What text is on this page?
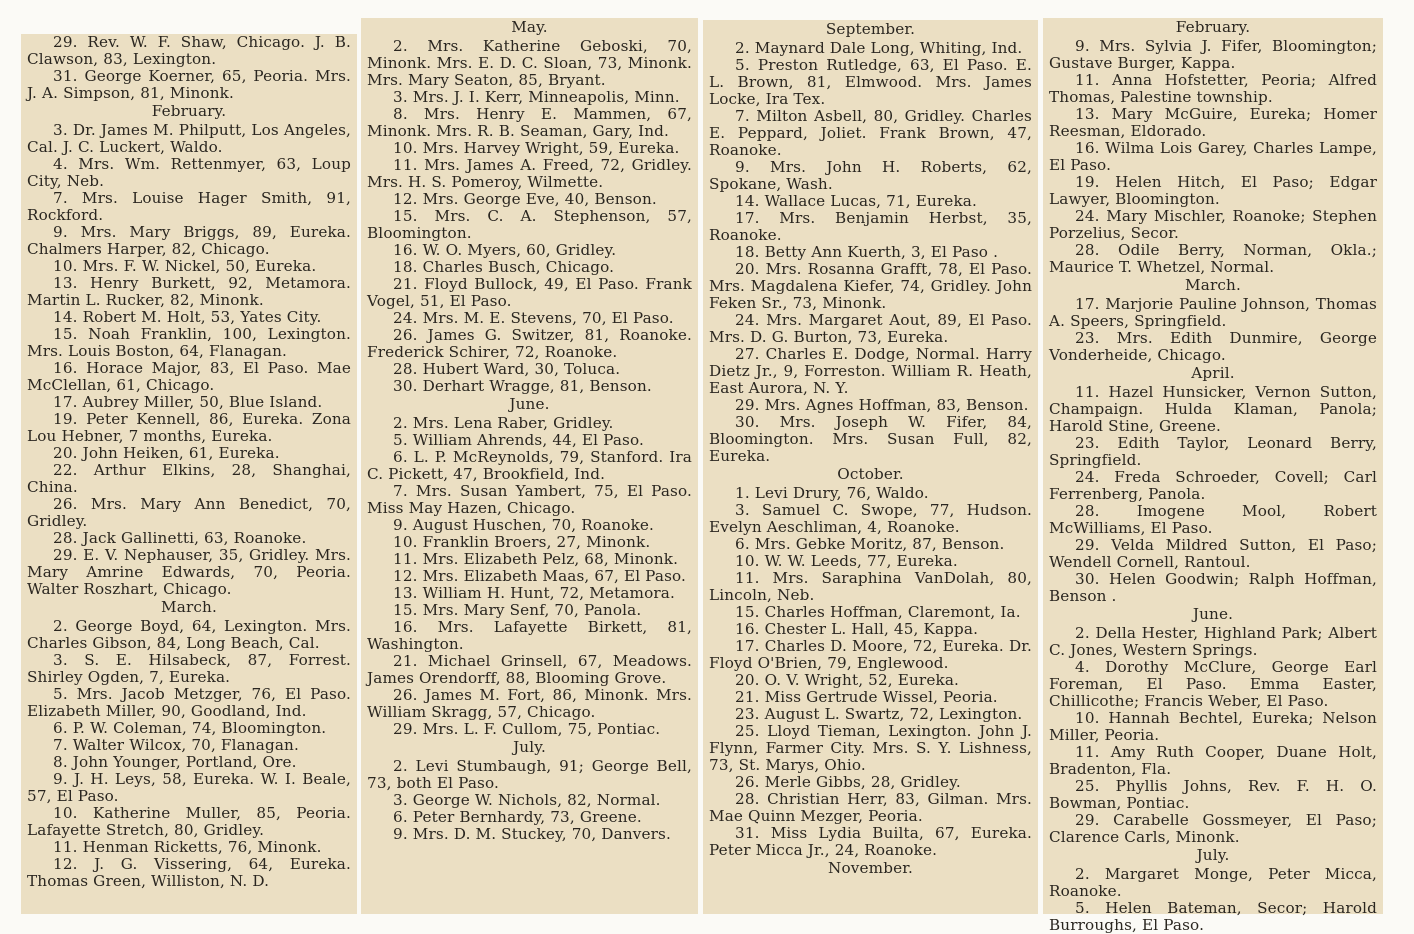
29. Rev. W. F. Shaw, Chicago. J. B. Clawson, 83, Lexington.

31. George Koerner, 65, Peoria. Mrs. J. A. Simpson, 81, Minonk.

February.

3. Dr. James M. Philputt, Los Angeles, Cal. J. C. Luckert, Waldo.

4. Mrs. Wm. Rettenmyer, 63, Loup City, Neb.

7. Mrs. Louise Hager Smith, 91, Rockford.

9. Mrs. Mary Briggs, 89, Eureka. Chalmers Harper, 82, Chicago.

10. Mrs. F. W. Nickel, 50, Eureka.

13. Henry Burkett, 92, Metamora. Martin L. Rucker, 82, Minonk.

14. Robert M. Holt, 53, Yates City.

15. Noah Franklin, 100, Lexington. Mrs. Louis Boston, 64, Flanagan.

16. Horace Major, 83, El Paso. Mae McClellan, 61, Chicago.

17. Aubrey Miller, 50, Blue Island.

19. Peter Kennell, 86, Eureka. Zona Lou Hebner, 7 months, Eureka.

20. John Heiken, 61, Eureka.

22. Arthur Elkins, 28, Shanghai, China.

26. Mrs. Mary Ann Benedict, 70, Gridley.

28. Jack Gallinetti, 63, Roanoke.

29. E. V. Nephauser, 35, Gridley. Mrs. Mary Amrine Edwards, 70, Peoria. Walter Roszhart, Chicago.

March.

2. George Boyd, 64, Lexington. Mrs. Charles Gibson, 84, Long Beach, Cal.

3. S. E. Hilsabeck, 87, Forrest. Shirley Ogden, 7, Eureka.

5. Mrs. Jacob Metzger, 76, El Paso. Elizabeth Miller, 90, Goodland, Ind.

6. P. W. Coleman, 74, Bloomington.

7. Walter Wilcox, 70, Flanagan.

8. John Younger, Portland, Ore.

9. J. H. Leys, 58, Eureka. W. I. Beale, 57, El Paso.

10. Katherine Muller, 85, Peoria. Lafayette Stretch, 80, Gridley.

11. Henman Ricketts, 76, Minonk.

12. J. G. Vissering, 64, Eureka. Thomas Green, Williston, N. D.

May.

2. Mrs. Katherine Geboski, 70, Minonk. Mrs. E. D. C. Sloan, 73, Minonk. Mrs. Mary Seaton, 85, Bryant.

3. Mrs. J. I. Kerr, Minneapolis, Minn.

8. Mrs. Henry E. Mammen, 67, Minonk. Mrs. R. B. Seaman, Gary, Ind.

10. Mrs. Harvey Wright, 59, Eureka.

11. Mrs. James A. Freed, 72, Gridley. Mrs. H. S. Pomeroy, Wilmette.

12. Mrs. George Eve, 40, Benson.

15. Mrs. C. A. Stephenson, 57, Bloomington.

16. W. O. Myers, 60, Gridley.

18. Charles Busch, Chicago.

21. Floyd Bullock, 49, El Paso. Frank Vogel, 51, El Paso.

24. Mrs. M. E. Stevens, 70, El Paso.

26. James G. Switzer, 81, Roanoke. Frederick Schirer, 72, Roanoke.

28. Hubert Ward, 30, Toluca.

30. Derhart Wragge, 81, Benson.

June.

2. Mrs. Lena Raber, Gridley.

5. William Ahrends, 44, El Paso.

6. L. P. McReynolds, 79, Stanford. Ira C. Pickett, 47, Brookfield, Ind.

7. Mrs. Susan Yambert, 75, El Paso. Miss May Hazen, Chicago.

9. August Huschen, 70, Roanoke.

10. Franklin Broers, 27, Minonk.

11. Mrs. Elizabeth Pelz, 68, Minonk.

12. Mrs. Elizabeth Maas, 67, El Paso.

13. William H. Hunt, 72, Metamora.

15. Mrs. Mary Senf, 70, Panola.

16. Mrs. Lafayette Birkett, 81, Washington.

21. Michael Grinsell, 67, Meadows. James Orendorff, 88, Blooming Grove.

26. James M. Fort, 86, Minonk. Mrs. William Skragg, 57, Chicago.

29. Mrs. L. F. Cullom, 75, Pontiac.

July.

2. Levi Stumbaugh, 91; George Bell, 73, both El Paso.

3. George W. Nichols, 82, Normal.

6. Peter Bernhardy, 73, Greene.

9. Mrs. D. M. Stuckey, 70, Danvers.

September.

2. Maynard Dale Long, Whiting, Ind.

5. Preston Rutledge, 63, El Paso. E. L. Brown, 81, Elmwood. Mrs. James Locke, Ira Tex.

7. Milton Asbell, 80, Gridley. Charles E. Peppard, Joliet. Frank Brown, 47, Roanoke.

9. Mrs. John H. Roberts, 62, Spokane, Wash.

14. Wallace Lucas, 71, Eureka.

17. Mrs. Benjamin Herbst, 35, Roanoke.

18. Betty Ann Kuerth, 3, El Paso .

20. Mrs. Rosanna Grafft, 78, El Paso. Mrs. Magdalena Kiefer, 74, Gridley. John Feken Sr., 73, Minonk.

24. Mrs. Margaret Aout, 89, El Paso. Mrs. D. G. Burton, 73, Eureka.

27. Charles E. Dodge, Normal. Harry Dietz Jr., 9, Forreston. William R. Heath, East Aurora, N. Y.

29. Mrs. Agnes Hoffman, 83, Benson.

30. Mrs. Joseph W. Fifer, 84, Bloomington. Mrs. Susan Full, 82, Eureka.

October.

1. Levi Drury, 76, Waldo.

3. Samuel C. Swope, 77, Hudson. Evelyn Aeschliman, 4, Roanoke.

6. Mrs. Gebke Moritz, 87, Benson.

10. W. W. Leeds, 77, Eureka.

11. Mrs. Saraphina VanDolah, 80, Lincoln, Neb.

15. Charles Hoffman, Claremont, Ia.

16. Chester L. Hall, 45, Kappa.

17. Charles D. Moore, 72, Eureka. Dr. Floyd O'Brien, 79, Englewood.

20. O. V. Wright, 52, Eureka.

21. Miss Gertrude Wissel, Peoria.

23. August L. Swartz, 72, Lexington.

25. Lloyd Tieman, Lexington. John J. Flynn, Farmer City. Mrs. S. Y. Lishness, 73, St. Marys, Ohio.

26. Merle Gibbs, 28, Gridley.

28. Christian Herr, 83, Gilman. Mrs. Mae Quinn Mezger, Peoria.

31. Miss Lydia Builta, 67, Eureka. Peter Micca Jr., 24, Roanoke.

November.

February.

9. Mrs. Sylvia J. Fifer, Bloomington; Gustave Burger, Kappa.

11. Anna Hofstetter, Peoria; Alfred Thomas, Palestine township.

13. Mary McGuire, Eureka; Homer Reesman, Eldorado.

16. Wilma Lois Garey, Charles Lampe, El Paso.

19. Helen Hitch, El Paso; Edgar Lawyer, Bloomington.

24. Mary Mischler, Roanoke; Stephen Porzelius, Secor.

28. Odile Berry, Norman, Okla.; Maurice T. Whetzel, Normal.

March.

17. Marjorie Pauline Johnson, Thomas A. Speers, Springfield.

23. Mrs. Edith Dunmire, George Vonderheide, Chicago.

April.

11. Hazel Hunsicker, Vernon Sutton, Champaign. Hulda Klaman, Panola; Harold Stine, Greene.

23. Edith Taylor, Leonard Berry, Springfield.

24. Freda Schroeder, Covell; Carl Ferrenberg, Panola.

28. Imogene Mool, Robert McWilliams, El Paso.

29. Velda Mildred Sutton, El Paso; Wendell Cornell, Rantoul.

30. Helen Goodwin; Ralph Hoffman, Benson .

June.

2. Della Hester, Highland Park; Albert C. Jones, Western Springs.

4. Dorothy McClure, George Earl Foreman, El Paso. Emma Easter, Chillicothe; Francis Weber, El Paso.

10. Hannah Bechtel, Eureka; Nelson Miller, Peoria.

11. Amy Ruth Cooper, Duane Holt, Bradenton, Fla.

25. Phyllis Johns, Rev. F. H. O. Bowman, Pontiac.

29. Carabelle Gossmeyer, El Paso; Clarence Carls, Minonk.

July.

2. Margaret Monge, Peter Micca, Roanoke.

5. Helen Bateman, Secor; Harold Burroughs, El Paso.
